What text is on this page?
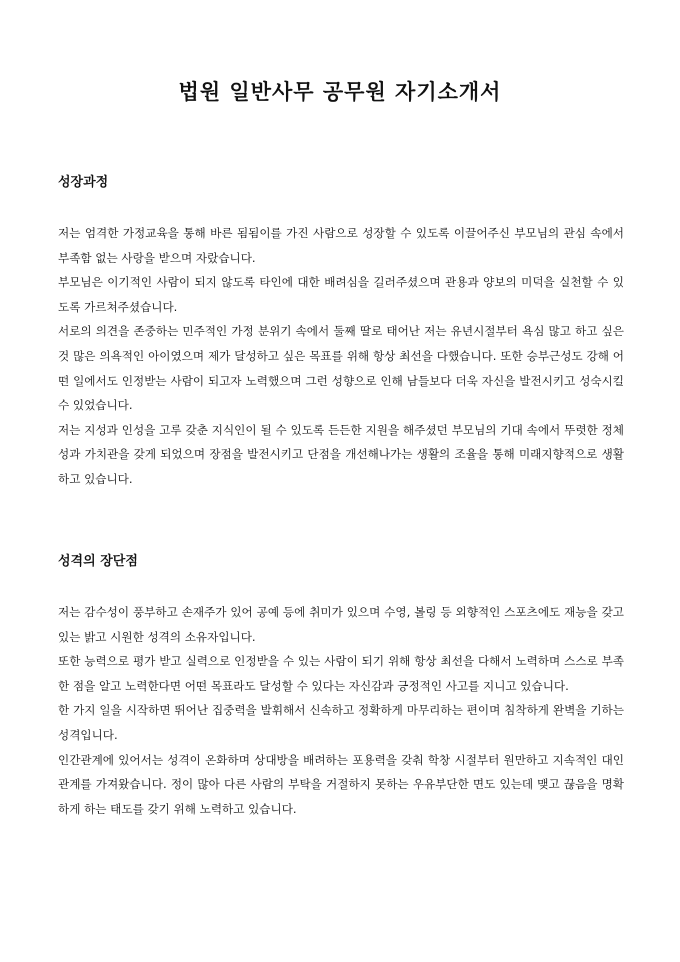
법원 일반사무 공무원 자기소개서
성장과정

저는 엄격한 가정교육을 통해 바른 됨됨이를 가진 사람으로 성장할 수 있도록 이끌어주신 부모님의 관심 속에서 부족함 없는 사랑을 받으며 자랐습니다.

부모님은 이기적인 사람이 되지 않도록 타인에 대한 배려심을 길러주셨으며 관용과 양보의 미덕을 실천할 수 있도록 가르쳐주셨습니다.

서로의 의견을 존중하는 민주적인 가정 분위기 속에서 둘째 딸로 태어난 저는 유년시절부터 욕심 많고 하고 싶은 것 많은 의욕적인 아이였으며 제가 달성하고 싶은 목표를 위해 항상 최선을 다했습니다. 또한 승부근성도 강해 어떤 일에서도 인정받는 사람이 되고자 노력했으며 그런 성향으로 인해 남들보다 더욱 자신을 발전시키고 성숙시킬 수 있었습니다.

저는 지성과 인성을 고루 갖춘 지식인이 될 수 있도록 든든한 지원을 해주셨던 부모님의 기대 속에서 뚜렷한 정체성과 가치관을 갖게 되었으며 장점을 발전시키고 단점을 개선해나가는 생활의 조율을 통해 미래지향적으로 생활하고 있습니다.

성격의 장단점

저는 감수성이 풍부하고 손재주가 있어 공예 등에 취미가 있으며 수영, 볼링 등 외향적인 스포츠에도 재능을 갖고 있는 밝고 시원한 성격의 소유자입니다.

또한 능력으로 평가 받고 실력으로 인정받을 수 있는 사람이 되기 위해 항상 최선을 다해서 노력하며 스스로 부족한 점을 알고 노력한다면 어떤 목표라도 달성할 수 있다는 자신감과 긍정적인 사고를 지니고 있습니다.

한 가지 일을 시작하면 뛰어난 집중력을 발휘해서 신속하고 정확하게 마무리하는 편이며 침착하게 완벽을 기하는 성격입니다.

인간관계에 있어서는 성격이 온화하며 상대방을 배려하는 포용력을 갖춰 학창 시절부터 원만하고 지속적인 대인관계를 가져왔습니다. 정이 많아 다른 사람의 부탁을 거절하지 못하는 우유부단한 면도 있는데 맺고 끊음을 명확하게 하는 태도를 갖기 위해 노력하고 있습니다.
